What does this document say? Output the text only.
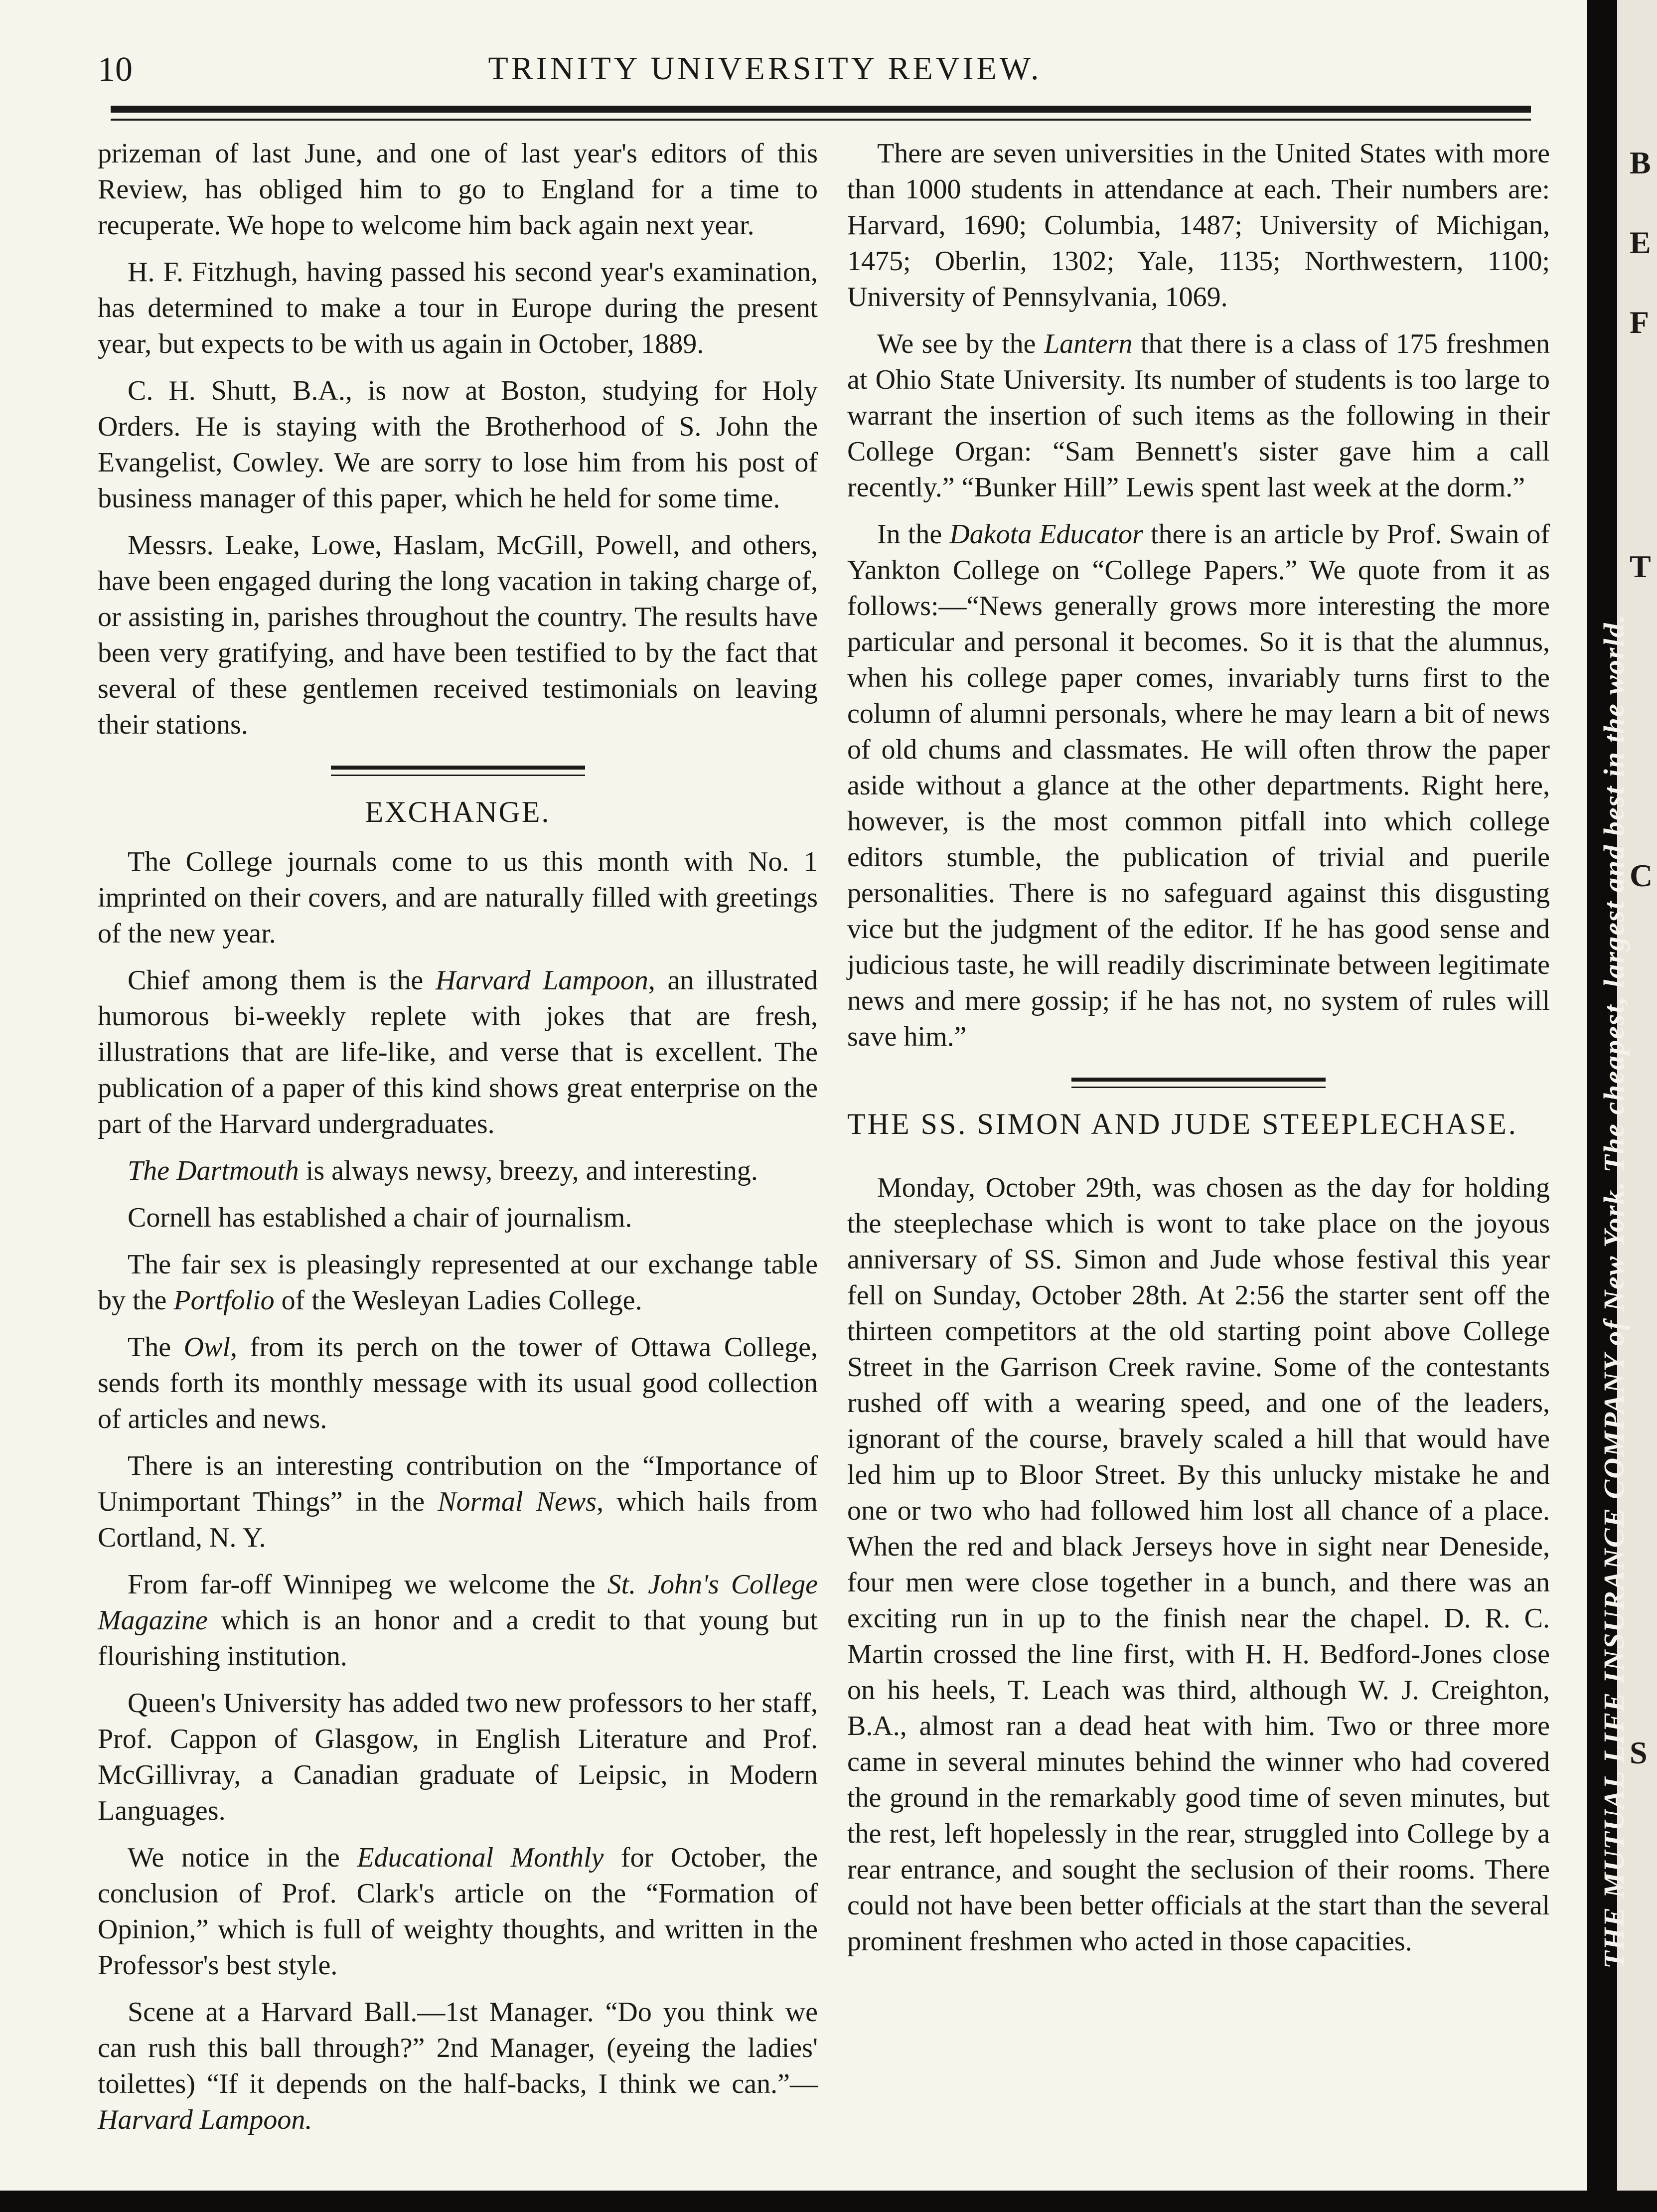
10	TRINITY UNIVERSITY REVIEW.

prizeman of last June, and one of last year's editors of this Review, has obliged him to go to England for a time to recuperate. We hope to welcome him back again next year.

H. F. Fitzhugh, having passed his second year's examination, has determined to make a tour in Europe during the present year, but expects to be with us again in October, 1889.

C. H. Shutt, B.A., is now at Boston, studying for Holy Orders. He is staying with the Brotherhood of S. John the Evangelist, Cowley. We are sorry to lose him from his post of business manager of this paper, which he held for some time.

Messrs. Leake, Lowe, Haslam, McGill, Powell, and others, have been engaged during the long vacation in taking charge of, or assisting in, parishes throughout the country. The results have been very gratifying, and have been testified to by the fact that several of these gentlemen received testimonials on leaving their stations.

EXCHANGE.

The College journals come to us this month with No. 1 imprinted on their covers, and are naturally filled with greetings of the new year.

Chief among them is the Harvard Lampoon, an illustrated humorous bi-weekly replete with jokes that are fresh, illustrations that are life-like, and verse that is excellent. The publication of a paper of this kind shows great enterprise on the part of the Harvard undergraduates.

The Dartmouth is always newsy, breezy, and interesting.

Cornell has established a chair of journalism.

The fair sex is pleasingly represented at our exchange table by the Portfolio of the Wesleyan Ladies College.

The Owl, from its perch on the tower of Ottawa College, sends forth its monthly message with its usual good collection of articles and news.

There is an interesting contribution on the “Importance of Unimportant Things” in the Normal News, which hails from Cortland, N. Y.

From far-off Winnipeg we welcome the St. John's College Magazine which is an honor and a credit to that young but flourishing institution.

Queen's University has added two new professors to her staff, Prof. Cappon of Glasgow, in English Literature and Prof. McGillivray, a Canadian graduate of Leipsic, in Modern Languages.

We notice in the Educational Monthly for October, the conclusion of Prof. Clark's article on the “Formation of Opinion,” which is full of weighty thoughts, and written in the Professor's best style.

Scene at a Harvard Ball.—1st Manager. “Do you think we can rush this ball through?” 2nd Manager, (eyeing the ladies' toilettes) “If it depends on the half-backs, I think we can.”—Harvard Lampoon.

There are seven universities in the United States with more than 1000 students in attendance at each. Their numbers are: Harvard, 1690; Columbia, 1487; University of Michigan, 1475; Oberlin, 1302; Yale, 1135; Northwestern, 1100; University of Pennsylvania, 1069.

We see by the Lantern that there is a class of 175 freshmen at Ohio State University. Its number of students is too large to warrant the insertion of such items as the following in their College Organ: “Sam Bennett's sister gave him a call recently.” “Bunker Hill” Lewis spent last week at the dorm.”

In the Dakota Educator there is an article by Prof. Swain of Yankton College on “College Papers.” We quote from it as follows:—“News generally grows more interesting the more particular and personal it becomes. So it is that the alumnus, when his college paper comes, invariably turns first to the column of alumni personals, where he may learn a bit of news of old chums and classmates. He will often throw the paper aside without a glance at the other departments. Right here, however, is the most common pitfall into which college editors stumble, the publication of trivial and puerile personalities. There is no safeguard against this disgusting vice but the judgment of the editor. If he has good sense and judicious taste, he will readily discriminate between legitimate news and mere gossip; if he has not, no system of rules will save him.”

THE SS. SIMON AND JUDE STEEPLECHASE.

Monday, October 29th, was chosen as the day for holding the steeplechase which is wont to take place on the joyous anniversary of SS. Simon and Jude whose festival this year fell on Sunday, October 28th. At 2:56 the starter sent off the thirteen competitors at the old starting point above College Street in the Garrison Creek ravine. Some of the contestants rushed off with a wearing speed, and one of the leaders, ignorant of the course, bravely scaled a hill that would have led him up to Bloor Street. By this unlucky mistake he and one or two who had followed him lost all chance of a place. When the red and black Jerseys hove in sight near Deneside, four men were close together in a bunch, and there was an exciting run in up to the finish near the chapel. D. R. C. Martin crossed the line first, with H. H. Bedford-Jones close on his heels, T. Leach was third, although W. J. Creighton, B.A., almost ran a dead heat with him. Two or three more came in several minutes behind the winner who had covered the ground in the remarkably good time of seven minutes, but the rest, left hopelessly in the rear, struggled into College by a rear entrance, and sought the seclusion of their rooms. There could not have been better officials at the start than the several prominent freshmen who acted in those capacities.	THE MUTUAL LIFE INSURANCE COMPANY of New York. The cheapest, largest and best in the world.
B
E
F
T
C
S
